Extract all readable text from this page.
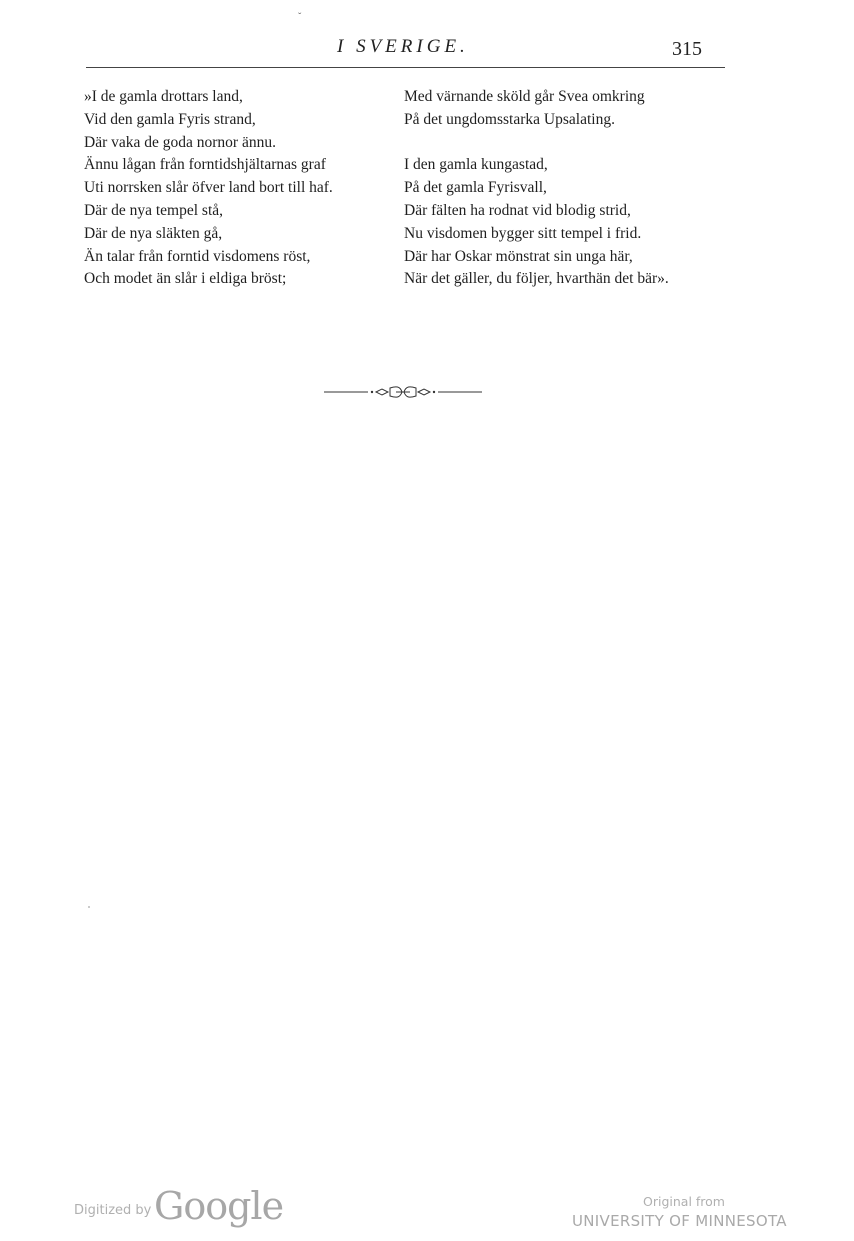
ˇ
I SVERIGE.	315
»I de gamla drottars land,
Vid den gamla Fyris strand,
Där vaka de goda nornor ännu.
Ännu lågan från forntidshjältarnas graf
Uti norrsken slår öfver land bort till haf.
Där de nya tempel stå,
Där de nya släkten gå,
Än talar från forntid visdomens röst,
Och modet än slår i eldiga bröst;
Med värnande sköld går Svea omkring
På det ungdomsstarka Upsalating.
I den gamla kungastad,
På det gamla Fyrisvall,
Där fälten ha rodnat vid blodig strid,
Nu visdomen bygger sitt tempel i frid.
Där har Oskar mönstrat sin unga här,
När det gäller, du följer, hvarthän det bär».
Digitized by Google	Original from
UNIVERSITY OF MINNESOTA
